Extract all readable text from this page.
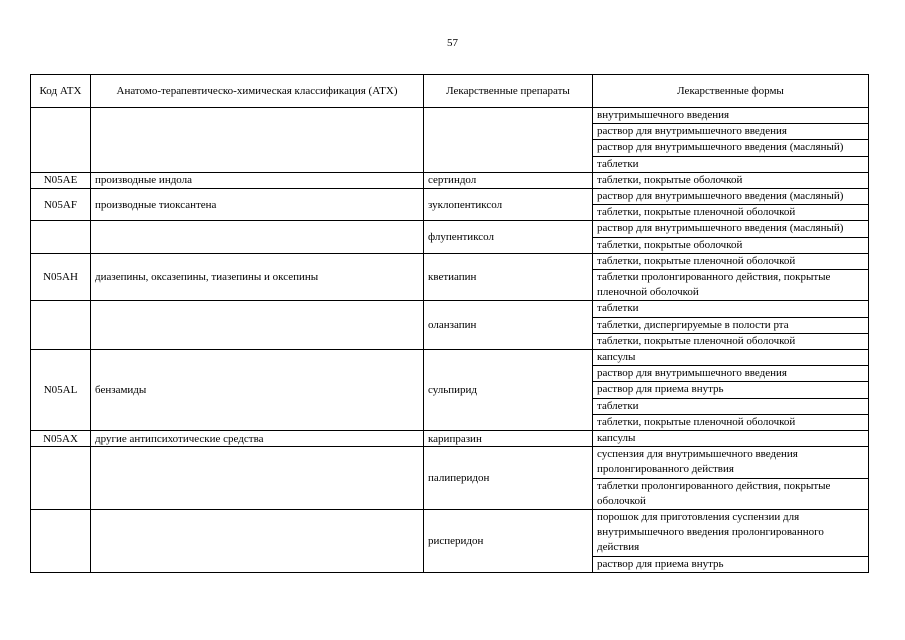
57
Код АТХ	Анатомо-терапевтическо-химическая классификация (АТХ)	Лекарственные препараты	Лекарственные формы
			внутримышечного введения
			раствор для внутримышечного введения
			раствор для внутримышечного введения (масляный)
			таблетки
N05AE	производные индола	сертиндол	таблетки, покрытые оболочкой
N05AF	производные тиоксантена	зуклопентиксол	раствор для внутримышечного введения (масляный)
			таблетки, покрытые пленочной оболочкой
		флупентиксол	раствор для внутримышечного введения (масляный)
			таблетки, покрытые оболочкой
N05AH	диазепины, оксазепины, тиазепины и оксепины	кветиапин	таблетки, покрытые пленочной оболочкой
			таблетки пролонгированного действия, покрытые пленочной оболочкой
		оланзапин	таблетки
			таблетки, диспергируемые в полости рта
			таблетки, покрытые пленочной оболочкой
N05AL	бензамиды	сульпирид	капсулы
			раствор для внутримышечного введения
			раствор для приема внутрь
			таблетки
			таблетки, покрытые пленочной оболочкой
N05AX	другие антипсихотические средства	карипразин	капсулы
		палиперидон	суспензия для внутримышечного введения пролонгированного действия
			таблетки пролонгированного действия, покрытые оболочкой
		рисперидон	порошок для приготовления суспензии для внутримышечного введения пролонгированного действия
			раствор для приема внутрь
